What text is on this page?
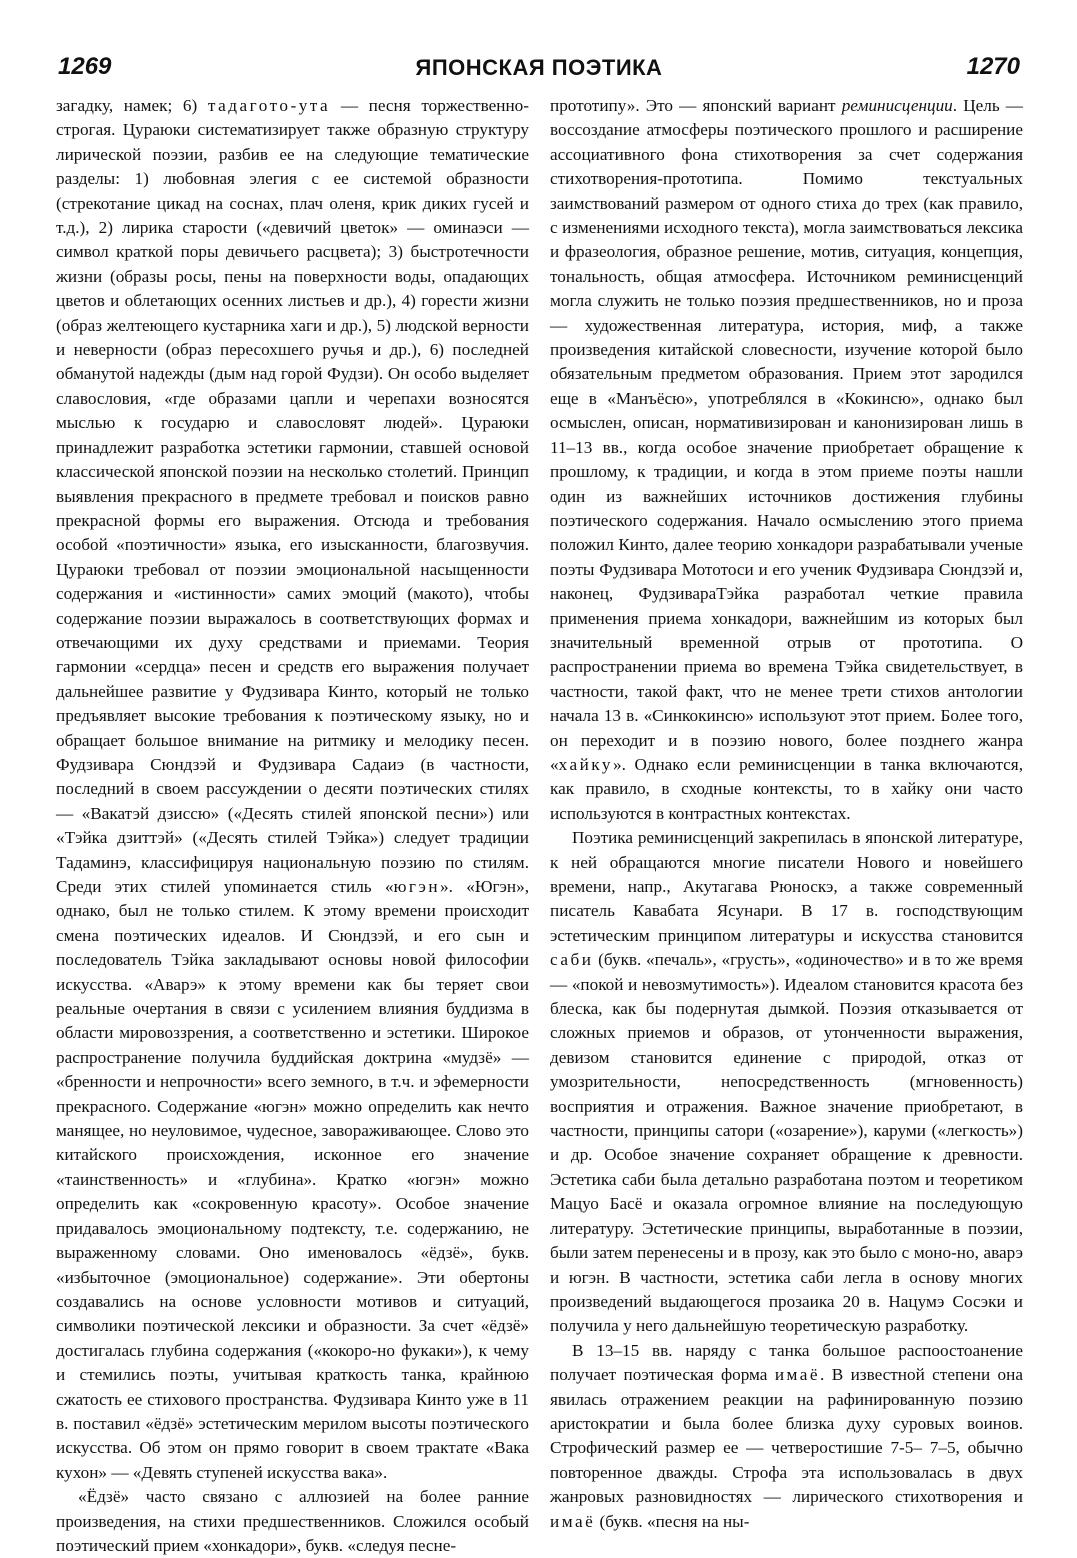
1269	ЯПОНСКАЯ ПОЭТИКА	1270

загадку, намек; 6) тадагото-ута — песня торжественно-строгая. Цураюки систематизирует также образную структуру лирической поэзии, разбив ее на следующие тематические разделы: 1) любовная элегия с ее системой образности (стрекотание цикад на соснах, плач оленя, крик диких гусей и т.д.), 2) лирика старости («девичий цветок» — оминаэси — символ краткой поры девичьего расцвета); 3) быстротечности жизни (образы росы, пены на поверхности воды, опадающих цветов и облетающих осенних листьев и др.), 4) горести жизни (образ желтеющего кустарника хаги и др.), 5) людской верности и неверности (образ пересохшего ручья и др.), 6) последней обманутой надежды (дым над горой Фудзи). Он особо выделяет славословия, «где образами цапли и черепахи возносятся мыслью к государю и славословят людей». Цураюки принадлежит разработка эстетики гармонии, ставшей основой классической японской поэзии на несколько столетий. Принцип выявления прекрасного в предмете требовал и поисков равно прекрасной формы его выражения. Отсюда и требования особой «поэтичности» языка, его изысканности, благозвучия. Цураюки требовал от поэзии эмоциональной насыщенности содержания и «истинности» самих эмоций (макото), чтобы содержание поэзии выражалось в соответствующих формах и отвечающими их духу средствами и приемами. Теория гармонии «сердца» песен и средств его выражения получает дальнейшее развитие у Фудзивара Кинто, который не только предъявляет высокие требования к поэтическому языку, но и обращает большое внимание на ритмику и мелодику песен. Фудзивара Сюндзэй и Фудзивара Садаиэ (в частности, последний в своем рассуждении о десяти поэтических стилях — «Вакатэй дзиссю» («Десять стилей японской песни») или «Тэйка дзиттэй» («Десять стилей Тэйка») следует традиции Тадаминэ, классифицируя национальную поэзию по стилям. Среди этих стилей упоминается стиль «югэн». «Югэн», однако, был не только стилем. К этому времени происходит смена поэтических идеалов. И Сюндзэй, и его сын и последователь Тэйка закладывают основы новой философии искусства. «Аварэ» к этому времени как бы теряет свои реальные очертания в связи с усилением влияния буддизма в области мировоззрения, а соответственно и эстетики. Широкое распространение получила буддийская доктрина «мудзё» — «бренности и непрочности» всего земного, в т.ч. и эфемерности прекрасного. Содержание «югэн» можно определить как нечто манящее, но неуловимое, чудесное, завораживающее. Слово это китайского происхождения, исконное его значение «таинственность» и «глубина». Кратко «югэн» можно определить как «сокровенную красоту». Особое значение придавалось эмоциональному подтексту, т.е. содержанию, не выраженному словами. Оно именовалось «ёдзё», букв. «избыточное (эмоциональное) содержание». Эти обертоны создавались на основе условности мотивов и ситуаций, символики поэтической лексики и образности. За счет «ёдзё» достигалась глубина содержания («кокоро-но фукаки»), к чему и стемились поэты, учитывая краткость танка, крайнюю сжатость ее стиховогo пространства. Фудзивара Кинто уже в 11 в. поставил «ёдзё» эстетическим мерилом высоты поэтического искусства. Об этом он прямо говорит в своем трактате «Вака кухон» — «Девять ступеней искусства вака».

«Ёдзё» часто связано с аллюзией на более ранние произведения, на стихи предшественников. Сложился особый поэтический прием «хонкадори», букв. «следуя песне-

прототипу». Это — японский вариант реминисценции. Цель — воссоздание атмосферы поэтического прошлого и расширение ассоциативного фона стихотворения за счет содержания стихотворения-прототипа. Помимо текстуальных заимствований размером от одного стиха до трех (как правило, с изменениями исходного текста), могла заимствоваться лексика и фразеология, образное решение, мотив, ситуация, концепция, тональность, общая атмосфера. Источником реминисценций могла служить не только поэзия предшественников, но и проза — художественная литература, история, миф, а также произведения китайской словесности, изучение которой было обязательным предметом образования. Прием этот зародился еще в «Манъёсю», употреблялся в «Кокинсю», однако был осмыслен, описан, нормативизирован и канонизирован лишь в 11–13 вв., когда особое значение приобретает обращение к прошлому, к традиции, и когда в этом приеме поэты нашли один из важнейших источников достижения глубины поэтического содержания. Начало осмыслению этого приема положил Кинто, далее теорию хонкадори разрабатывали ученые поэты Фудзивара Мототоси и его ученик Фудзивара Сюндзэй и, наконец, ФудзивараТэйка разработал четкие правила применения приема хонкадори, важнейшим из которых был значительный временной отрыв от прототипа. О распространении приема во времена Тэйка свидетельствует, в частности, такой факт, что не менее трети стихов антологии начала 13 в. «Синкокинсю» используют этот прием. Более того, он переходит и в поэзию нового, более позднего жанра «хайку». Однако если реминисценции в танка включаются, как правило, в сходные контексты, то в хайку они часто используются в контрастных контекстах.

Поэтика реминисценций закрепилась в японской литературе, к ней обращаются многие писатели Нового и новейшего времени, напр., Акутагава Рюноскэ, а также современный писатель Кавабата Ясунари. В 17 в. господствующим эстетическим принципом литературы и искусства становится саби (букв. «печаль», «грусть», «одиночество» и в то же время — «покой и невозмутимость»). Идеалом становится красота без блеска, как бы подернутая дымкой. Поэзия отказывается от сложных приемов и образов, от утонченности выражения, девизом становится единение с природой, отказ от умозрительности, непосредственность (мгновенность) восприятия и отражения. Важное значение приобретают, в частности, принципы сатори («озарение»), каруми («легкость») и др. Особое значение сохраняет обращение к древности. Эстетика саби была детально разработана поэтом и теоретиком Мацуо Басё и оказала огромное влияние на последующую литературу. Эстетические принципы, выработанные в поэзии, были затем перенесены и в прозу, как это было с моно-но, аварэ и югэн. В частности, эстетика саби легла в основу многих произведений выдающегося прозаика 20 в. Нацумэ Сосэки и получила у него дальнейшую теоретическую разработку.

В 13–15 вв. наряду с танка большое распоостоанение получает поэтическая форма имаё. В известной степени она явилась отражением реакции на рафинированную поэзию аристократии и была более близка духу суровых воинов. Строфический размер ее — четверостишие 7-5– 7–5, обычно повторенное дважды. Строфа эта использовалась в двух жанровых разновидностях — лирического стихотворения и имаё (букв. «песня на ны-
